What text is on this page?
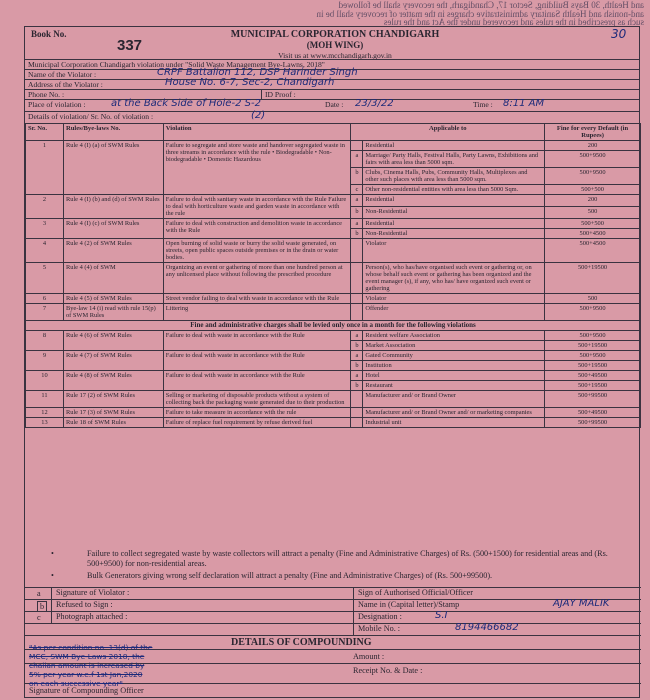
and Health, 30 Bays Building, Sector 17, Chandigarh, the recovery shall be followed
and-nonish and Health Sanitary administrative charges in the matter of recovery shall be in
such as prescribed in the rules and recovered under the Act and the rules
Book No.
337
MUNICIPAL CORPORATION CHANDIGARH
(MOH WING)
Visit us at www.mcchandigarh.gov.in
30
Municipal Corporation Chandigarh violation under "Solid Waste Management Bye-Lawns, 2018"
Name of the Violator :	CRPF Battalion 112, DSP Harinder Singh
Address of the Violator :	House No. 6-7, Sec-2, Chandigarh
Phone No. :	ID Proof :
Place of violation :	at the Back Side of Hole-2 S-2	Date : 23/3/22	Time : 8:11 AM
Details of violation/ Sr. No. of violation :	(2)
Sr. No.	Rules/Bye-laws No.	Violation	Applicable to		Fine for every Default (in Rupees)
1	Rule 4 (I) (a) of SWM Rules	Failure to segregate and store waste and handover segregated waste in three streams in accordance with the rule • Biodegradable • Non-biodegradable • Domestic Hazardous		Residential	200
			a	Marriage/ Party Halls, Festival Halls, Party Lawns, Exhibitions and fairs with area less than 5000 sqm.	500+9500
			b	Clubs, Cinema Halls, Pubs, Community Halls, Multiplexes and other such places with area less than 5000 sqm.	500+9500
			c	Other non-residential entities with area less than 5000 Sqm.	500+500
2	Rule 4 (I) (b) and (d) of SWM Rules	Failure to deal with sanitary waste in accordance with the Rule Failure to deal with horticulture waste and garden waste in accordance with the rule	a	Residential	200
			b	Non-Residential	500
3	Rule 4 (I) (c) of SWM Rules	Failure to deal with construction and demolition waste in accordance with the Rule	a	Residential	500+500
			b	Non-Residential	500+4500
4	Rule 4 (2) of SWM Rules	Open burning of solid waste or burry the solid waste generated, on streets, open public spaces outside premises or in the drain or water bodies.		Violator	500+4500
5	Rule 4 (4) of SWM	Organizing an event or gathering of more than one hundred person at any unlicensed place without following the prescribed procedure		Person(s), who has/have organised such event or gathering or, on whose behalf such event or gathering has been organized and the event manager (s), if any, who has/ have organized such event or gathering	500+19500
6	Rule 4 (5) of SWM Rules	Street vendor failing to deal with waste in accordance with the Rule		Violator	500
7	Bye-law 14 (i) read with rule 15(p) of SWM Rules	Littering		Offender	500+9500
Fine and administrative charges shall be levied only once in a month for the following violations					
8	Rule 4 (6) of SWM Rules	Failure to deal with waste in accordance with the Rule	a	Resident welfare Association	500+9500
			b	Market Association	500+19500
9	Rule 4 (7) of SWM Rules	Failure to deal with waste in accordance with the Rule	a	Gated Community	500+9500
			b	Institution	500+19500
10	Rule 4 (8) of SWM Rules	Failure to deal with waste in accordance with the Rule	a	Hotel	500+49500
			b	Restaurant	500+19500
11	Rule 17 (2) of SWM Rules	Selling or marketing of disposable products without a system of collecting back the packaging waste generated due to their production		Manufacturer and/ or Brand Owner	500+99500
12	Rule 17 (3) of SWM Rules	Failure to take measure in accordance with the rule		Manufacturer and/ or Brand Owner and/ or marketing companies	500+49500
13	Rule 18 of SWM Rules	Failure of replace fuel requirement by refuse derived fuel		Industrial unit	500+99500
• Failure to collect segregated waste by waste collectors will attract a penalty (Fine and Administrative Charges) of Rs. (500+1500) for residential areas and (Rs. 500+9500) for non-residential areas.
• Bulk Generators giving wrong self declaration will attract a penalty (Fine and Administrative Charges) of (Rs. 500+99500).
a	Signature of Violator :	Sign of Authorised Official/Officer
b	Refused to Sign :	Name in (Capital letter)/Stamp	AJAY MALIK
c	Photograph attached :	Designation :	S.I
Mobile No. :	8194466682
DETAILS OF COMPOUNDING
Amount :
Receipt No. & Date :
Signature of Compounding Officer
"As per condition no. 13(d) of the
MCC, SWM Bye-Laws 2018, the
challan amount is increased by
5% per year w.e.f 1st Jan,2020
on each successive year"
